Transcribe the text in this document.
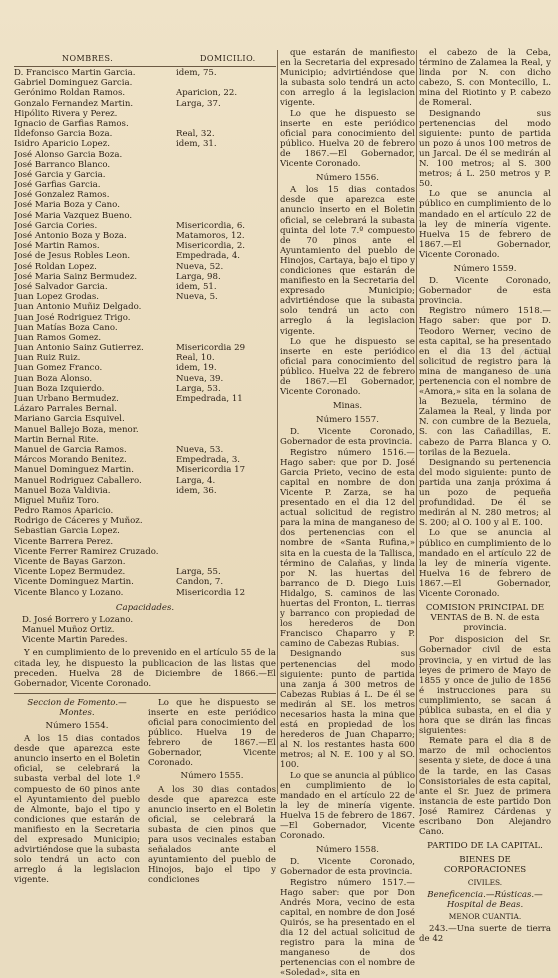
NOMBRES.	DOMICILIO.
D. Francisco Martin Garcia.	idem, 75.
Gabriel Dominguez Garcia.
Gerónimo Roldan Ramos.	Aparicion, 22.
Gonzalo Fernandez Martin.	Larga, 37.
Hipólito Rivera y Perez.
Ignacio de Garfias Ramos.
Ildefonso Garcia Boza.	Real, 32.
Isidro Aparicio Lopez.	idem, 31.
José Alonso Garcia Boza.
José Barranco Blanco.
José Garcia y Garcia.
José Garfias Garcia.
José Gonzalez Ramos.
José Maria Boza y Cano.
José Maria Vazquez Bueno.
José Garcia Cories.	Misericordia, 6.
José Antonio Boza y Boza.	Matamoros, 12.
José Martin Ramos.	Misericordia, 2.
José de Jesus Robles Leon.	Empedrada, 4.
José Roldan Lopez.	Nueva, 52.
José Maria Sainz Bermudez.	Larga, 98.
José Salvador Garcia.	idem, 51.
Juan Lopez Grodas.	Nueva, 5.
Juan Antonio Muñiz Delgado.
Juan José Rodriguez Trigo.
Juan Matías Boza Cano.
Juan Ramos Gomez.
Juan Antonio Sainz Gutierrez.	Misericordia 29
Juan Ruiz Ruiz.	Real, 10.
Juan Gomez Franco.	idem, 19.
Juan Boza Alonso.	Nueva, 39.
Juan Boza Izquierdo.	Larga, 53.
Juan Urbano Bermudez.	Empedrada, 11
Lázaro Parrales Bernal.
Mariano Garcia Esquivel.
Manuel Ballejo Boza, menor.
Martin Bernal Rite.
Manuel de Garcia Ramos.	Nueva, 53.
Márcos Morando Benitez.	Empedrada, 3.
Manuel Dominguez Martin.	Misericordia 17
Manuel Rodriguez Caballero.	Larga, 4.
Manuel Boza Valdivia.	idem, 36.
Miguel Muñiz Toro.
Pedro Ramos Aparicio.
Rodrigo de Cáceres y Muñoz.
Sebastian Garcia Lopez.
Vicente Barrera Perez.
Vicente Ferrer Ramirez Cruzado.
Vicente de Bayas Garzon.
Vicente Lopez Bermudez.	Larga, 55.
Vicente Dominguez Martin.	Candon, 7.
Vicente Blanco y Lozano.	Misericordia 12
Capacidades.
D. José Borrero y Lozano.
Manuel Muñoz Ortiz.
Vicente Martin Paredes.

Y en cumplimiento de lo prevenido en el artículo 55 de la citada ley, he dispuesto la publicacion de las listas que preceden. Huelva 28 de Diciembre de 1866.—El Gobernador, Vicente Coronado.

Seccion de Fomento.—Montes.
Número 1554.

A los 15 dias contados desde que aparezca este anuncio inserto en el Boletin oficial, se celebrará la subasta verbal del lote 1.º compuesto de 60 pinos ante el Ayuntamiento del pueblo de Almonte, bajo el tipo y condiciones que estarán de manifiesto en la Secretaria del expresado Municipio; advirtiéndose que la subasta solo tendrá un acto con arreglo á la legislacion vigente.

Lo que he dispuesto se inserte en este periódico oficial para conocimiento del público. Huelva 19 de febrero de 1867.—El Gobernador, Vicente Coronado.

Número 1555.

A los 30 dias contados desde que aparezca este anuncio inserto en el Boletin oficial, se celebrará la subasta de cien pinos que para usos vecinales estaban señalados ante el ayuntamiento del pueblo de Hinojos, bajo el tipo y condiciones

que estarán de manifiesto en la Secretaria del expresado Municipio; advirtiéndose que la subasta solo tendrá un acto con arreglo á la legislacion vigente.

Lo que he dispuesto se inserte en este periódico oficial para conocimiento del público. Huelva 20 de febrero de 1867.—El Gobernador, Vicente Coronado.

Número 1556.

A los 15 dias contados desde que aparezca este anuncio inserto en el Boletin oficial, se celebrará la subasta quinta del lote 7.º compuesto de 70 pinos ante el Ayuntamiento del pueblo de Hinojos, Cartaya, bajo el tipo y condiciones que estarán de manifiesto en la Secretaria del expresado Municipio; advirtiéndose que la subasta solo tendrá un acto con arreglo á la legislacion vigente.

Lo que he dispuesto se inserte en este periódico oficial para conocimiento del público. Huelva 22 de febrero de 1867.—El Gobernador, Vicente Coronado.

Minas.
Número 1557.

D. Vicente Coronado, Gobernador de esta provincia.

Registro número 1516.—Hago saber: que por D. José Garcia Prieto, vecino de esta capital en nombre de don Vicente P. Zarza, se ha presentado en el dia 12 del actual solicitud de registro para la mina de manganeso de dos pertenencias con el nombre de «Santa Rufina,» sita en la cuesta de la Tallisca, término de Calañas, y linda por N. las huertas del barranco de D. Diego Luis Hidalgo, S. caminos de las huertas del Fronton, L. tierras y barranco con propiedad de los herederos de Don Francisco Chaparro y P. camino de Cabezas Rubias.

Designando sus pertenencias del modo siguiente: punto de partida una zanja á 300 metros de Cabezas Rubias á L. De él se medirán al SE. los metros necesarios hasta la mina que está en propiedad de los herederos de Juan Chaparro; al N. los restantes hasta 600 metros; al N. E. 100 y al SO. 100.

Lo que se anuncia al público en cumplimiento de lo mandado en el artículo 22 de la ley de minería vigente. Huelva 15 de febrero de 1867.—El Gobernador, Vicente Coronado.

Número 1558.

D. Vicente Coronado, Gobernador de esta provincia.

Registro número 1517.—Hago saber: que por Don Andrés Mora, vecino de esta capital, en nombre de don José Quirós, se ha presentado en el dia 12 del actual solicitud de registro para la mina de manganeso de dos pertenencias con el nombre de «Soledad», sita en

el cabezo de la Ceba, término de Zalamea la Real, y linda por N. con dicho cabezo, S. con Montecillo, L. mina del Riotinto y P. cabezo de Romeral.

Designando sus pertenencias del modo siguiente: punto de partida un pozo á unos 100 metros de un Jarcal. De él se medirán al N. 100 metros; al S. 300 metros; á L. 250 metros y P. 50.

Lo que se anuncia al público en cumplimiento de lo mandado en el artículo 22 de la ley de minería vigente. Huelva 15 de febrero de 1867.—El Gobernador, Vicente Coronado.

Número 1559.

D. Vicente Coronado, Gobernador de esta provincia.

Registro número 1518.—Hago saber: que por D. Teodoro Werner, vecino de esta capital, se ha presentado en el dia 13 del actual solicitud de registro para la mina de manganeso de una pertenencia con el nombre de «Amora,» sita en la solana de la Bezuela, término de Zalamea la Real, y linda por N. con cumbre de la Bezuela, S. con las Cañadillas, E. cabezo de Parra Blanca y O. torilas de la Bezuela.

Designando su pertenencia del modo siguiente: punto de partida una zanja próxima á un pozo de pequeña profundidad. De él se medirán al N. 280 metros; al S. 200; al O. 100 y al E. 100.

Lo que se anuncia al público en cumplimiento de lo mandado en el artículo 22 de la ley de minería vigente. Huelva 16 de febrero de 1867.—El Gobernador, Vicente Coronado.

COMISION PRINCIPAL DE VENTAS de B. N. de esta provincia.

Por disposicion del Sr. Gobernador civil de esta provincia, y en virtud de las leyes de primero de Mayo de 1855 y once de julio de 1856 é instrucciones para su cumplimiento, se sacan á pública subasta, en el dia y hora que se dirán las fincas siguientes:

Remate para el dia 8 de marzo de mil ochocientos sesenta y siete, de doce á una de la tarde, en las Casas Consistoriales de esta capital, ante el Sr. Juez de primera instancia de este partido Don José Ramirez Cárdenas y escribano Don Alejandro Cano.

PARTIDO DE LA CAPITAL.
BIENES DE CORPORACIONES
CIVILES.
Beneficencia.—Rústicas.—Hospital de Beas.
MENOR CUANTIA.

243.—Una suerte de tierra de 42
